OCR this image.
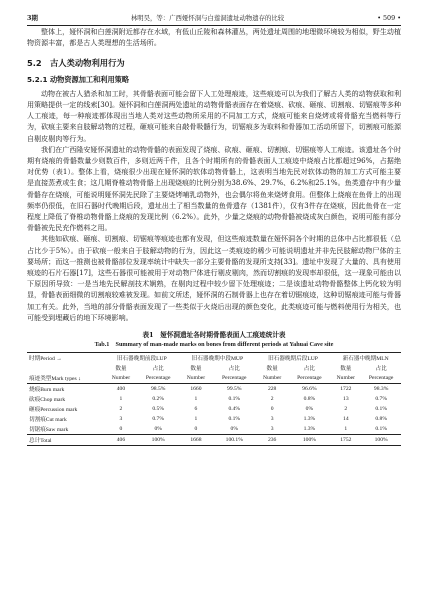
3期	林明昊，等：广西娅怀洞与白莲洞遗址动物遗存的比较	• 509 •

整体上，娅怀洞和白莲洞附近都存在水域，有低山丘陵和森林灌丛，两处遗址周围的地理微环境较为相似，野生动植物资源丰富，都是古人类理想的生活场所。

5.2　古人类动物利用行为
5.2.1 动物资源加工和利用策略

动物在被古人猎杀和加工时，其骨骼表面可能会留下人工处理痕迹，这些痕迹可以为我们了解古人类的动物获取和利用策略提供一定的线索[30]。娅怀洞和白莲洞两处遗址的动物骨骼表面存在着烧痕、砍痕、砸痕、切割痕、切锯痕等多种人工痕迹，每一种痕迹都体现出当地人类对这些动物所采用的不同加工方式，烧痕可能来自烧烤或将骨骼充当燃料等行为，砍痕主要来自肢解动物的过程，砸痕可能来自敲骨吸髓行为，切锯痕多为取料和骨器加工活动所留下，切割痕可能源自剔皮剔肉等行为。

我们在广西隆安娅怀洞遗址的动物骨骼的表面发现了烧痕、砍痕、砸痕、切割痕、切锯痕等人工痕迹。该遗址各个时期有烧痕的骨骼数量少则数百件，多则近两千件，且各个时期所有的骨骼表面人工痕迹中烧痕占比都超过96%，占据绝对优势（表1）。整体上看，烧痕很少出现在娅怀洞的软体动物骨骼上，这表明当地先民对软体动物的加工方式可能主要是直接蒸煮或生食；这几期脊椎动物骨骼上出现烧痕的比例分别为38.6%、29.7%、6.2%和25.1%。鱼类遗存中有少量骨骼存在烧痕，可能说明娅怀洞先民除了主要烧烤哺乳动物外，也会偶尔将鱼来烧烤食用。但整体上烧痕在鱼骨上的出现频率仍很低，在旧石器时代晚期后段，遗址出土了相当数量的鱼骨遗存（1381件），仅有3件存在烧痕，因此鱼骨在一定程度上降低了脊椎动物骨骼上烧痕的发现比例（6.2%）。此外，少量之烧痕的动物骨骼被烧成灰白颜色，说明可能有部分骨骼被先民充作燃料之用。

其他如砍痕、砸痕、切割痕、切锯痕等痕迹也都有发现，但这些痕迹数量在娅怀洞各个时期的总体中占比都很低（总占比少于5%）。由于砍痕一般来自于肢解动物的行为，因此这一类痕迹的稀少可能说明遗址并非先民肢解动物尸体的主要场所；而这一推测也被骨骼部位发现率统计中缺失一部分主要骨骼的发现所支持[33]。遗址中发现了大量的、具有使用痕迹的石片石器[17]，这些石器很可能被用于对动物尸体进行剔皮剔肉，然而切割痕的发现率却很低，这一现象可能由以下原因所导致：一是当地先民解剖技术娴熟，在剔肉过程中较少留下处理痕迹；二是该遗址动物骨骼整体上钙化较为明显，骨骼表面细微的切割痕较难被发现。如前文所述，娅怀洞的石制骨器上也存在着切锯痕迹，这种切锯痕迹可能与骨器加工有关。此外，当地的部分骨骼表面发现了一些类似于火烧后出现的颜色变化，此类痕迹可能与燃料使用行为相关，也可能受到埋藏后的地下环境影响。

表1　娅怀洞遗址各时期骨骼表面人工痕迹统计表
Tab.1　Summary of man-made marks on bones from different periods at Yahuai Cave site
时期Period →	旧石器晚期前段LUP		旧石器晚期中段MUP		旧石器晚期后段LUP		新石器中晚期MLN	
	数量	占比	数量	占比	数量	占比	数量	占比
痕迹类型Mark types ↓	Number	Percentage	Number	Percentage	Number	Percentage	Number	Percentage
烧痕Burn mark	400	98.5%	1660	99.5%	228	96.6%	1722	98.3%
砍痕Chop mark	1	0.2%	1	0.1%	2	0.8%	13	0.7%
砸痕Percussion mark	2	0.5%	6	0.4%	0	0%	2	0.1%
切割痕Cut mark	3	0.7%	1	0.1%	3	1.3%	14	0.8%
切锯痕Saw mark	0	0%	0	0%	3	1.3%	1	0.1%
总计Total	406	100%	1668	100.1%	236	100%	1752	100%
